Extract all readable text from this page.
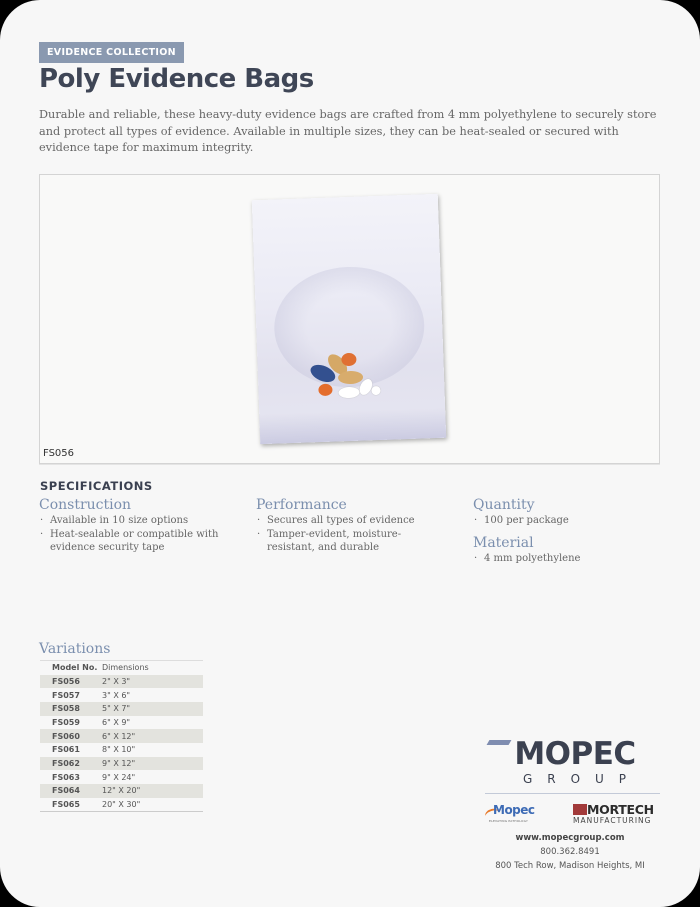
EVIDENCE COLLECTION
Poly Evidence Bags

Durable and reliable, these heavy-duty evidence bags are crafted from 4 mm polyethylene to securely store and protect all types of evidence. Available in multiple sizes, they can be heat-sealed or secured with evidence tape for maximum integrity.

FS056
SPECIFICATIONS
Construction
· Available in 10 size options
· Heat-sealable or compatible with evidence security tape
Performance
· Secures all types of evidence
· Tamper-evident, moisture-resistant, and durable
Quantity
· 100 per package
Material
· 4 mm polyethylene
Variations
Model No.	Dimensions
FS056	2" X 3"
FS057	3" X 6"
FS058	5" X 7"
FS059	6" X 9"
FS060	6" X 12"
FS061	8" X 10"
FS062	9" X 12"
FS063	9" X 24"
FS064	12" X 20"
FS065	20" X 30"
MOPEC
GROUP
Mopec
ELEVATING PATHOLOGY
MORTECH
MANUFACTURING
www.mopecgroup.com
800.362.8491
800 Tech Row, Madison Heights, MI
